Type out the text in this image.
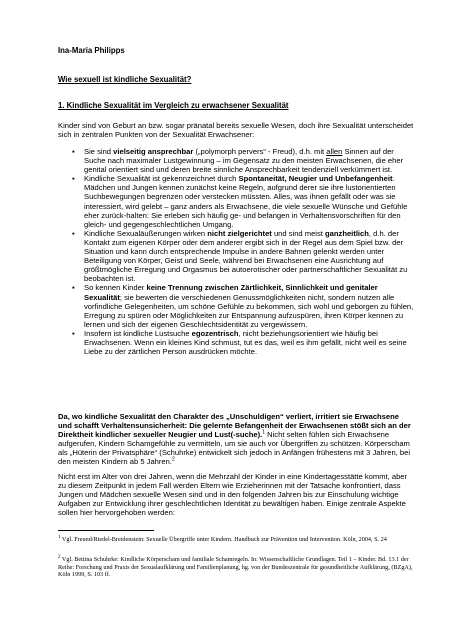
Ina-Maria Philipps

Wie sexuell ist kindliche Sexualität?

1. Kindliche Sexualität im Vergleich zu erwachsener Sexualität

Kinder sind von Geburt an bzw. sogar pränatal bereits sexuelle Wesen, doch ihre Sexualität unterscheidet sich in zentralen Punkten von der Sexualität Erwachsener:

▪ Sie sind vielseitig ansprechbar („polymorph pervers“ - Freud), d.h. mit allen Sinnen auf der Suche nach maximaler Lustgewinnung – im Gegensatz zu den meisten Erwachsenen, die eher genital orientiert sind und deren breite sinnliche Ansprechbarkeit tendenziell verkümmert ist.
▪ Kindliche Sexualität ist gekennzeichnet durch Spontaneität, Neugier und Unbefangenheit. Mädchen und Jungen kennen zunächst keine Regeln, aufgrund derer sie ihre lustorientierten Suchbewegungen begrenzen oder verstecken müssten. Alles, was ihnen gefällt oder was sie interessiert, wird gelebt – ganz anders als Erwachsene, die viele sexuelle Wünsche und Gefühle eher zurück-halten: Sie erleben sich häufig ge- und befangen in Verhaltensvorschriften für den gleich- und gegengeschlechtlichen Umgang.
▪ Kindliche Sexualäußerungen wirken nicht zielgerichtet und sind meist ganzheitlich, d.h. der Kontakt zum eigenen Körper oder dem anderer ergibt sich in der Regel aus dem Spiel bzw. der Situation und kann durch entsprechende Impulse in andere Bahnen gelenkt werden unter Beteiligung von Körper, Geist und Seele, während bei Erwachsenen eine Ausrichtung auf größtmögliche Erregung und Orgasmus bei autoerotischer oder partnerschaftlicher Sexualität zu beobachten ist.
▪ So kennen Kinder keine Trennung zwischen Zärtlichkeit, Sinnlichkeit und genitaler Sexualität; sie bewerten die verschiedenen Genussmöglichkeiten nicht, sondern nutzen alle vorfindliche Gelegenheiten, um schöne Gefühle zu bekommen, sich wohl und geborgen zu fühlen, Erregung zu spüren oder Möglichkeiten zur Entspannung aufzuspüren, ihren Körper kennen zu lernen und sich der eigenen Geschlechtsidentität zu vergewissern.
▪ Insofern ist kindliche Lustsuche egozentrisch, nicht beziehungsorientiert wie häufig bei Erwachsenen. Wenn ein kleines Kind schmust, tut es das, weil es ihm gefällt, nicht weil es seine Liebe zu der zärtlichen Person ausdrücken möchte.

Da, wo kindliche Sexualität den Charakter des „Unschuldigen“ verliert, irritiert sie Erwachsene und schafft Verhaltensunsicherheit: Die gelernte Befangenheit der Erwachsenen stößt sich an der Direktheit kindlicher sexueller Neugier und Lust(-suche).$^1$ Nicht selten fühlen sich Erwachsene aufgerufen, Kindern Schamgefühle zu vermitteln, um sie auch vor Übergriffen zu schützen. Körperscham als „Hüterin der Privatsphäre“ (Schuhrke) entwickelt sich jedoch in Anfängen frühestens mit 3 Jahren, bei den meisten Kindern ab 5 Jahren.$^2$

Nicht erst im Alter von drei Jahren, wenn die Mehrzahl der Kinder in eine Kindertagesstätte kommt, aber zu diesem Zeitpunkt in jedem Fall werden Eltern wie Erzieherinnen mit der Tatsache konfrontiert, dass Jungen und Mädchen sexuelle Wesen sind und in den folgenden Jahren bis zur Einschulung wichtige Aufgaben zur Entwicklung ihrer geschlechtlichen Identität zu bewältigen haben. Einige zentrale Aspekte sollen hier hervorgehoben werden:

$^1$ Vgl. Freund/Riedel-Breidenstein: Sexuelle Übergriffe unter Kindern. Handbuch zur Prävention und Intervention. Köln, 2004, S. 24

$^2$ Vgl. Bettina Schuhrke: Kindliche Körperscham und familiale Schamregeln. In: Wissenschaftliche Grundlagen. Teil 1 – Kinder. Bd. 13.1 der Reihe: Forschung und Praxis der Sexualaufklärung und Familienplanung, hg. von der Bundeszentrale für gesundheitliche Aufklärung, (BZgA), Köln 1999, S. 103 ff.
